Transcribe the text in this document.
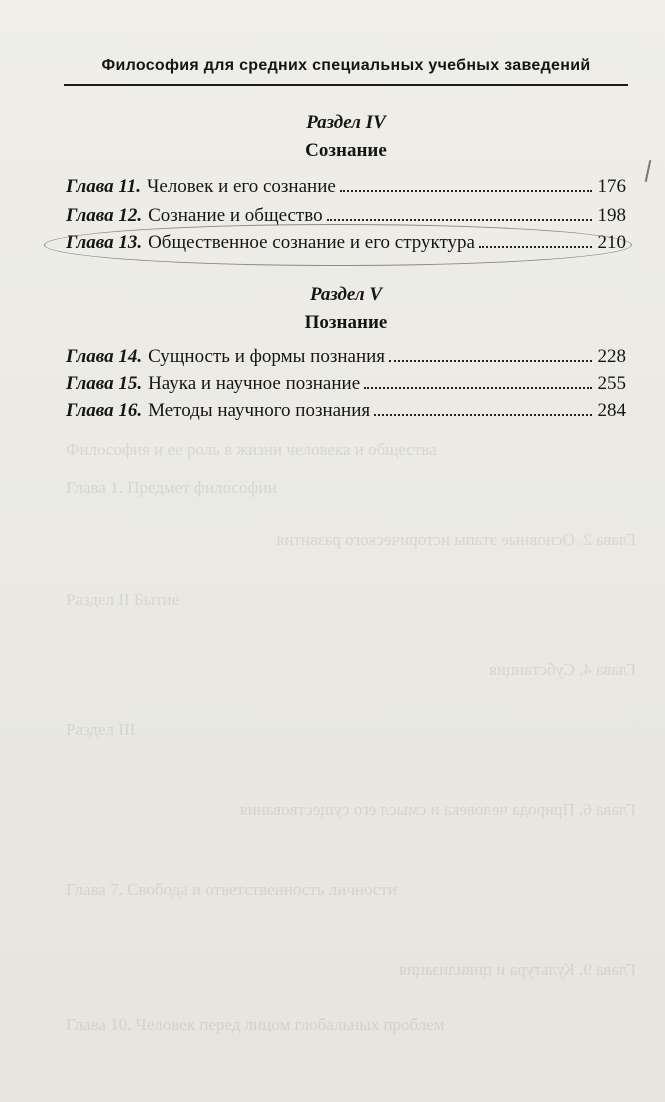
Философия и ее роль в жизни человека и общества
Глава 1. Предмет философии
Глава 2. Основные этапы исторического развития
Раздел II Бытие
Глава 4. Субстанция
Раздел III
Глава 6. Природа человека и смысл его существования
Глава 7. Свобода и ответственность личности
Глава 9. Культура и цивилизация
Глава 10. Человек перед лицом глобальных проблем
Философия для средних специальных учебных заведений
Раздел IV
Сознание
Глава 11. Человек и его сознание	176
Глава 12. Сознание и общество	198
Глава 13. Общественное сознание и его структура	210
Раздел V
Познание
Глава 14. Сущность и формы познания	228
Глава 15. Наука и научное познание	255
Глава 16. Методы научного познания	284
